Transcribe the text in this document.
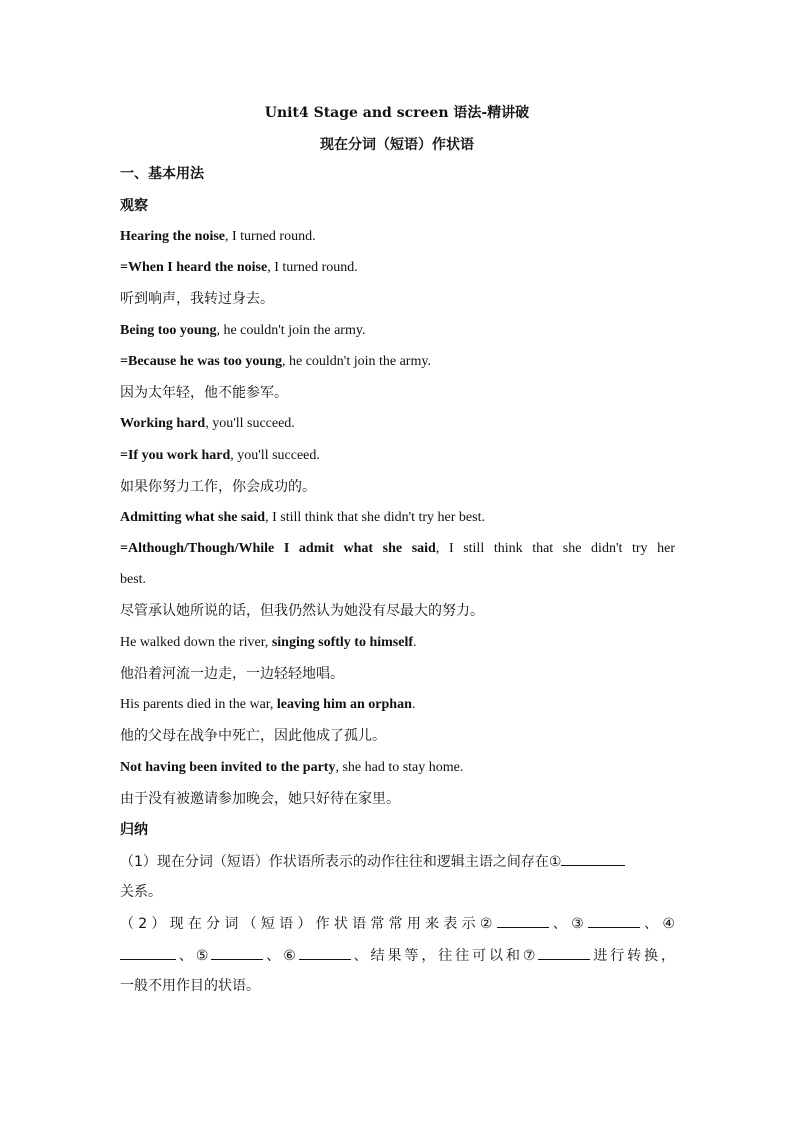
Unit4 Stage and screen 语法-精讲破
现在分词（短语）作状语
一、基本用法
观察
Hearing the noise, I turned round.
=When I heard the noise, I turned round.
听到响声，我转过身去。
Being too young, he couldn't join the army.
=Because he was too young, he couldn't join the army.
因为太年轻，他不能参军。
Working hard, you'll succeed.
=If you work hard, you'll succeed.
如果你努力工作，你会成功的。
Admitting what she said, I still think that she didn't try her best.
=Although/Though/While I admit what she said, I still think that she didn't try her
best.
尽管承认她所说的话，但我仍然认为她没有尽最大的努力。
He walked down the river, singing softly to himself.
他沿着河流一边走，一边轻轻地唱。
His parents died in the war, leaving him an orphan.
他的父母在战争中死亡，因此他成了孤儿。
Not having been invited to the party, she had to stay home.
由于没有被邀请参加晚会，她只好待在家里。
归纳
（1）现在分词（短语）作状语所表示的动作往往和逻辑主语之间存在①
关系。
（2）现在分词（短语）作状语常常用来表示②	、③	、④
、⑤	、⑥	、结果等，往往可以和⑦	进行转换，
一般不用作目的状语。
